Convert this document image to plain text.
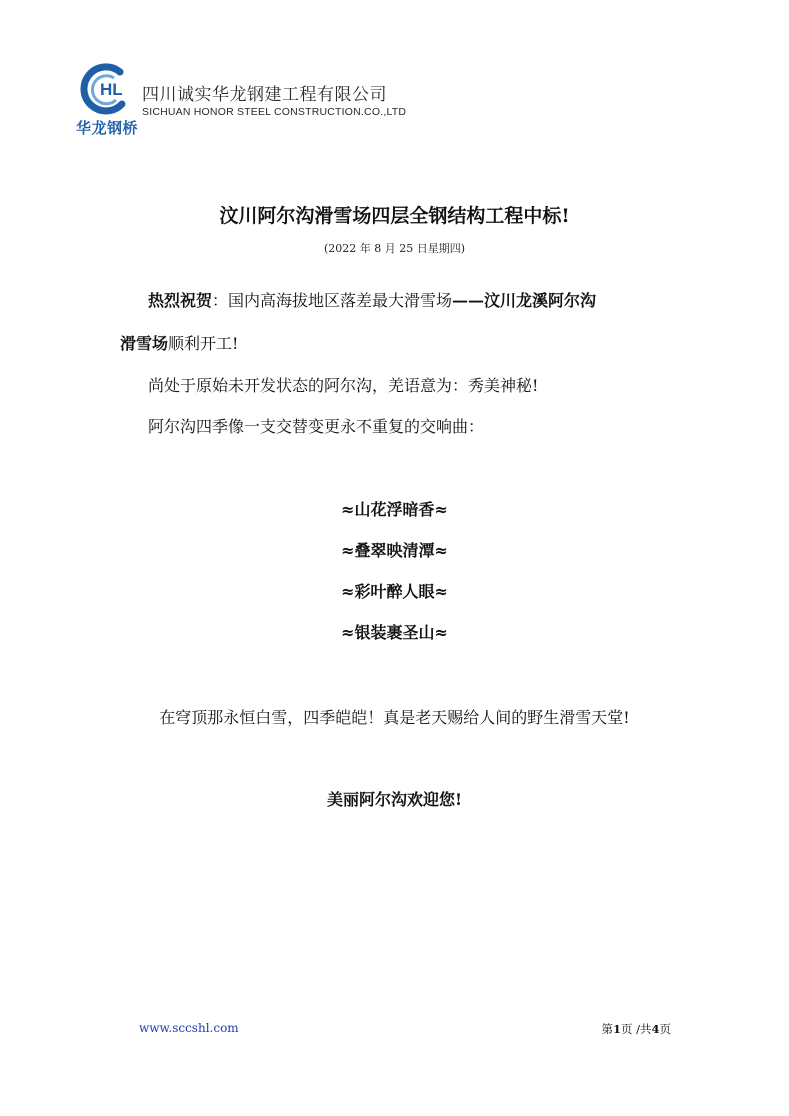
HL
华龙钢桥
四川诚实华龙钢建工程有限公司
SICHUAN HONOR STEEL CONSTRUCTION.CO.,LTD
汶川阿尔沟滑雪场四层全钢结构工程中标!
(2022 年 8 月 25 日星期四)
热烈祝贺：国内高海拔地区落差最大滑雪场——汶川龙溪阿尔沟
滑雪场顺利开工!
尚处于原始未开发状态的阿尔沟，羌语意为：秀美神秘!
阿尔沟四季像一支交替变更永不重复的交响曲：
≈山花浮暗香≈
≈叠翠映清潭≈
≈彩叶醉人眼≈
≈银装裹圣山≈
在穹顶那永恒白雪，四季皑皑！真是老天赐给人间的野生滑雪天堂!
美丽阿尔沟欢迎您!
www.sccshl.com	第1页 /共4页
